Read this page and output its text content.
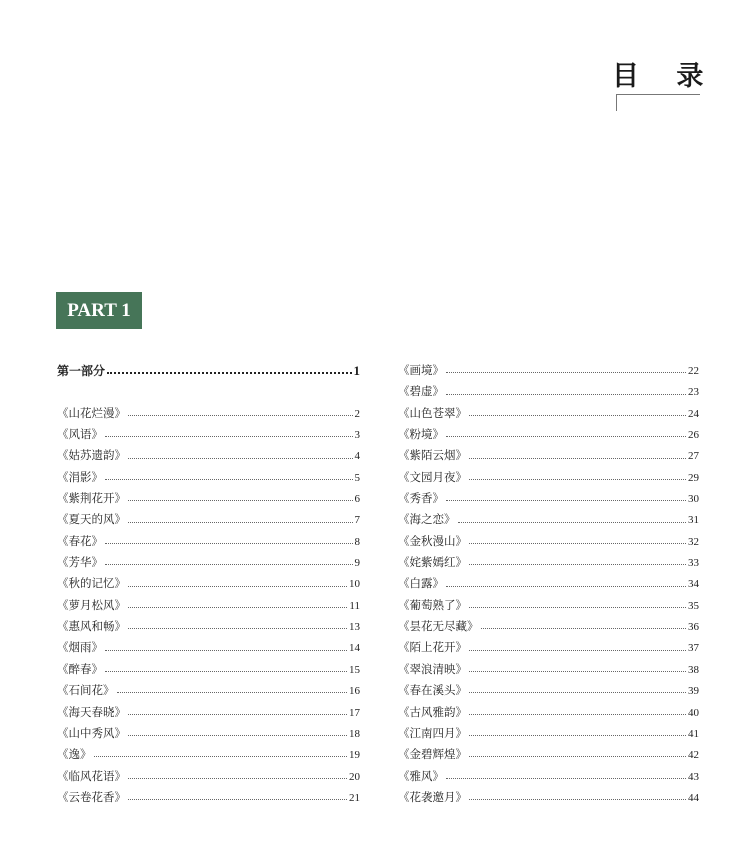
目 录
PART 1
第一部分	1
《山花烂漫》	2
《风语》	3
《姑苏遗韵》	4
《涓影》	5
《紫荆花开》	6
《夏天的风》	7
《春花》	8
《芳华》	9
《秋的记忆》	10
《萝月松风》	11
《惠风和畅》	13
《烟雨》	14
《醉春》	15
《石间花》	16
《海天春晓》	17
《山中秀风》	18
《逸》	19
《临风花语》	20
《云卷花香》	21
《画境》	22
《碧虚》	23
《山色苍翠》	24
《粉境》	26
《紫陌云烟》	27
《文园月夜》	29
《秀香》	30
《海之恋》	31
《金秋漫山》	32
《姹紫嫣红》	33
《白露》	34
《葡萄熟了》	35
《昙花无尽藏》	36
《陌上花开》	37
《翠浪清映》	38
《春在溪头》	39
《古风雅韵》	40
《江南四月》	41
《金碧辉煌》	42
《雅风》	43
《花袭邀月》	44
